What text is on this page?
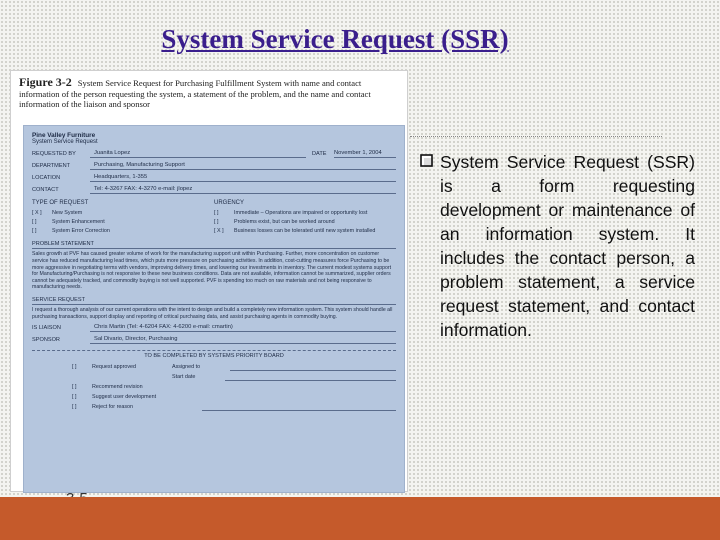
System Service Request (SSR)
Figure 3-2 System Service Request for Purchasing Fulfillment System with name and contact information of the person requesting the system, a statement of the problem, and the name and contact information of the liaison and sponsor
Pine Valley Furniture
System Service Request
REQUESTED BY	Juanita Lopez	DATE	November 1, 2004
DEPARTMENT	Purchasing, Manufacturing Support
LOCATION	Headquarters, 1-355
CONTACT	Tel: 4-3267 FAX: 4-3270 e-mail: jlopez
TYPE OF REQUEST
[ X ]	New System
[ ]	System Enhancement
[ ]	System Error Correction
URGENCY
[ ]	Immediate – Operations are impaired or opportunity lost
[ ]	Problems exist, but can be worked around
[ X ]	Business losses can be tolerated until new system installed
PROBLEM STATEMENT
Sales growth at PVF has caused greater volume of work for the manufacturing support unit within Purchasing. Further, more concentration on customer service has reduced manufacturing lead times, which puts more pressure on purchasing activities. In addition, cost-cutting measures force Purchasing to be more aggressive in negotiating terms with vendors, improving delivery times, and lowering our investments in inventory. The current modest systems support for Manufacturing/Purchasing is not responsive to these new business conditions. Data are not available, information cannot be summarized, supplier orders cannot be adequately tracked, and commodity buying is not well supported. PVF is spending too much on raw materials and not being responsive to manufacturing needs.
SERVICE REQUEST
I request a thorough analysis of our current operations with the intent to design and build a completely new information system. This system should handle all purchasing transactions, support display and reporting of critical purchasing data, and assist purchasing agents in commodity buying.
IS LIAISON	Chris Martin (Tel: 4-6204 FAX: 4-6200 e-mail: cmartin)
SPONSOR	Sal Divario, Director, Purchasing
TO BE COMPLETED BY SYSTEMS PRIORITY BOARD
[ ]	Request approved	Assigned to
Start date
[ ]	Recommend revision
[ ]	Suggest user development
[ ]	Reject for reason
System Service Request (SSR) is a form requesting development or maintenance of an information system. It includes the contact person, a problem statement, a service request statement, and contact information.
